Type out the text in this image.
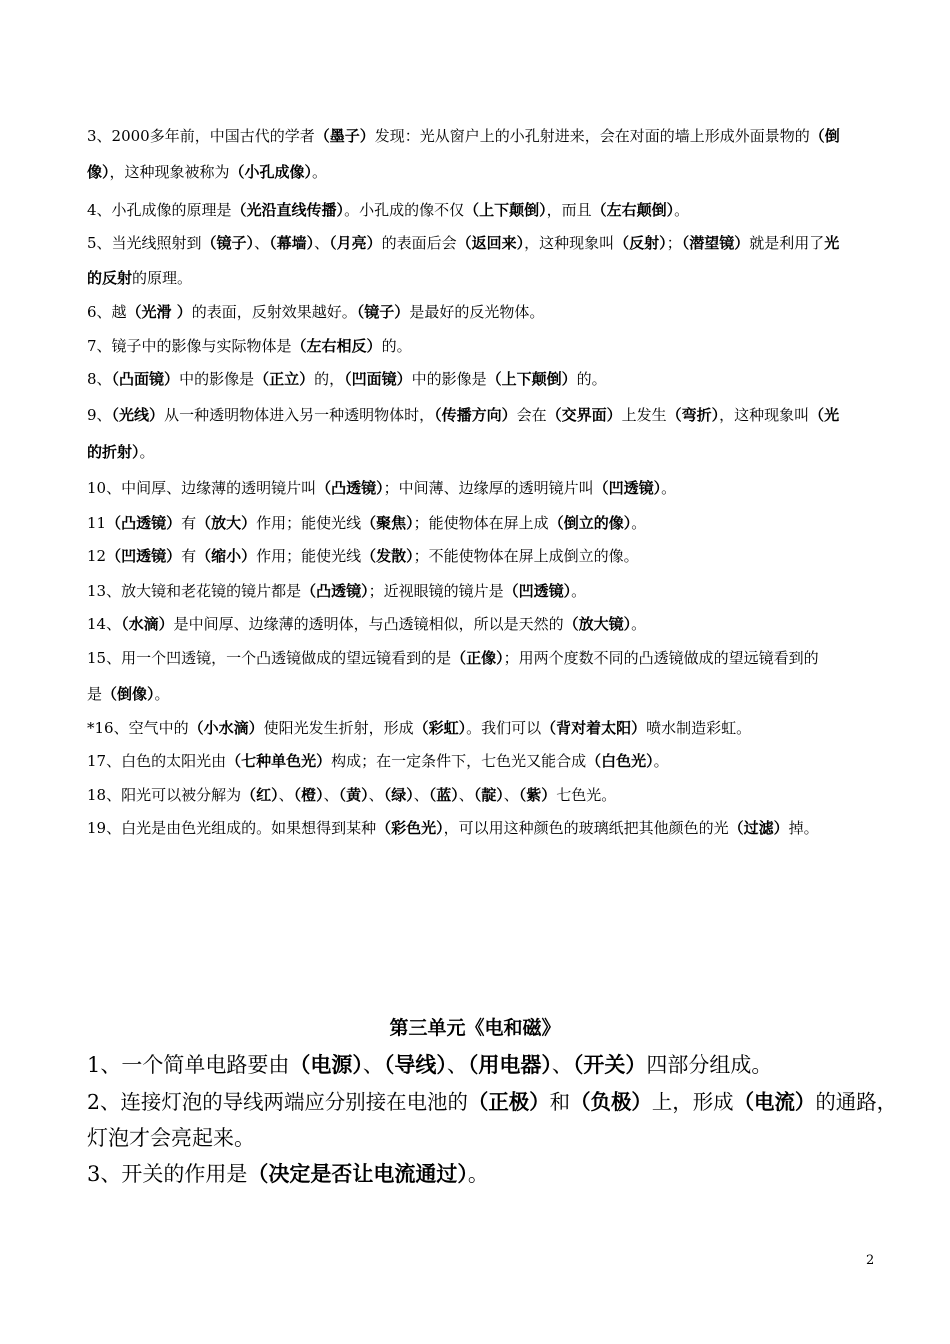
3、2000多年前，中国古代的学者（墨子）发现：光从窗户上的小孔射进来，会在对面的墙上形成外面景物的（倒
像），这种现象被称为（小孔成像）。
4、小孔成像的原理是（光沿直线传播）。小孔成的像不仅（上下颠倒），而且（左右颠倒）。
5、当光线照射到（镜子）、（幕墙）、（月亮）的表面后会（返回来），这种现象叫（反射）；（潜望镜）就是利用了光
的反射的原理。
6、越（光滑 ）的表面，反射效果越好。（镜子）是最好的反光物体。
7、镜子中的影像与实际物体是（左右相反）的。
8、（凸面镜）中的影像是（正立）的，（凹面镜）中的影像是（上下颠倒）的。
9、（光线）从一种透明物体进入另一种透明物体时，（传播方向）会在（交界面）上发生（弯折），这种现象叫（光
的折射）。
10、中间厚、边缘薄的透明镜片叫（凸透镜）；中间薄、边缘厚的透明镜片叫（凹透镜）。
11（凸透镜）有（放大）作用；能使光线（聚焦）；能使物体在屏上成（倒立的像）。
12（凹透镜）有（缩小）作用；能使光线（发散）；不能使物体在屏上成倒立的像。
13、放大镜和老花镜的镜片都是（凸透镜）；近视眼镜的镜片是（凹透镜）。
14、（水滴）是中间厚、边缘薄的透明体，与凸透镜相似，所以是天然的（放大镜）。
15、用一个凹透镜，一个凸透镜做成的望远镜看到的是（正像）；用两个度数不同的凸透镜做成的望远镜看到的
是（倒像）。
*16、空气中的（小水滴）使阳光发生折射，形成（彩虹）。我们可以（背对着太阳）喷水制造彩虹。
17、白色的太阳光由（七种单色光）构成；在一定条件下，七色光又能合成（白色光）。
18、阳光可以被分解为（红）、（橙）、（黄）、（绿）、（蓝）、（靛）、（紫）七色光。
19、白光是由色光组成的。如果想得到某种（彩色光），可以用这种颜色的玻璃纸把其他颜色的光（过滤）掉。
第三单元《电和磁》
1、一个简单电路要由（电源）、（导线）、（用电器）、（开关）四部分组成。
2、连接灯泡的导线两端应分别接在电池的（正极）和（负极）上，形成（电流）的通路，
灯泡才会亮起来。
3、开关的作用是（决定是否让电流通过）。
2
